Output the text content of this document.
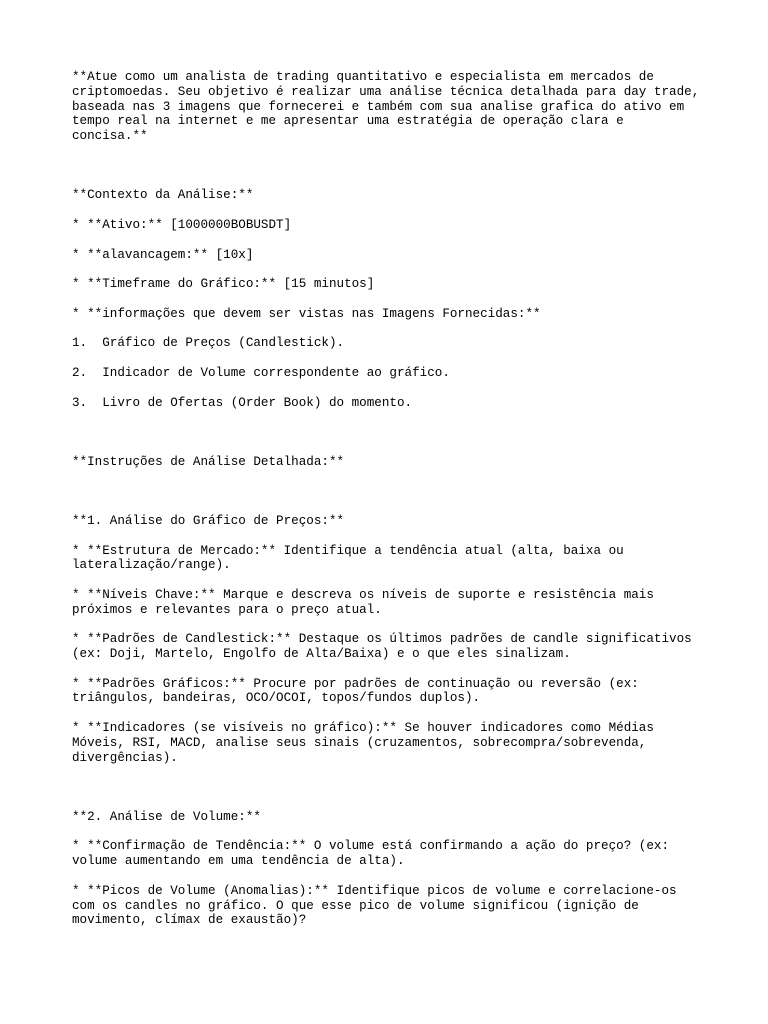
**Atue como um analista de trading quantitativo e especialista em mercados de
criptomoedas. Seu objetivo é realizar uma análise técnica detalhada para day trade,
baseada nas 3 imagens que fornecerei e também com sua analise grafica do ativo em
tempo real na internet e me apresentar uma estratégia de operação clara e
concisa.**
**Contexto da Análise:**
* **Ativo:** [1000000BOBUSDT]
* **alavancagem:** [10x]
* **Timeframe do Gráfico:** [15 minutos]
* **informações que devem ser vistas nas Imagens Fornecidas:**
1.  Gráfico de Preços (Candlestick).
2.  Indicador de Volume correspondente ao gráfico.
3.  Livro de Ofertas (Order Book) do momento.
**Instruções de Análise Detalhada:**
**1. Análise do Gráfico de Preços:**
* **Estrutura de Mercado:** Identifique a tendência atual (alta, baixa ou
lateralização/range).
* **Níveis Chave:** Marque e descreva os níveis de suporte e resistência mais
próximos e relevantes para o preço atual.
* **Padrões de Candlestick:** Destaque os últimos padrões de candle significativos
(ex: Doji, Martelo, Engolfo de Alta/Baixa) e o que eles sinalizam.
* **Padrões Gráficos:** Procure por padrões de continuação ou reversão (ex:
triângulos, bandeiras, OCO/OCOI, topos/fundos duplos).
* **Indicadores (se visíveis no gráfico):** Se houver indicadores como Médias
Móveis, RSI, MACD, analise seus sinais (cruzamentos, sobrecompra/sobrevenda,
divergências).
**2. Análise de Volume:**
* **Confirmação de Tendência:** O volume está confirmando a ação do preço? (ex:
volume aumentando em uma tendência de alta).
* **Picos de Volume (Anomalias):** Identifique picos de volume e correlacione-os
com os candles no gráfico. O que esse pico de volume significou (ignição de
movimento, clímax de exaustão)?
